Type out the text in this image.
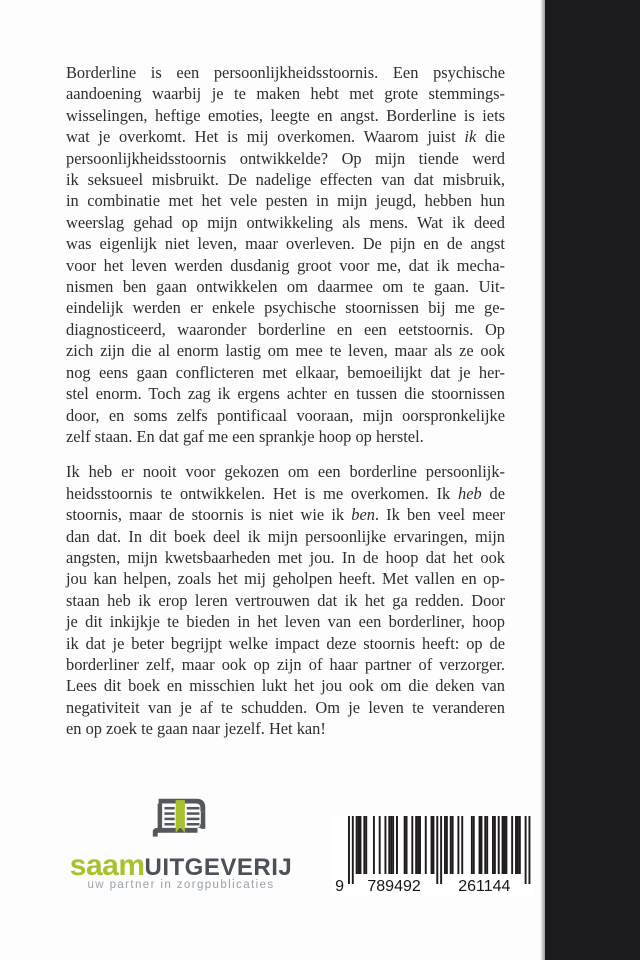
Borderline is een persoonlijkheidsstoornis. Een psychische
aandoening waarbij je te maken hebt met grote stemmings-
wisselingen, heftige emoties, leegte en angst. Borderline is iets
wat je overkomt. Het is mij overkomen. Waarom juist ik die
persoonlijkheidsstoornis ontwikkelde? Op mijn tiende werd
ik seksueel misbruikt. De nadelige effecten van dat misbruik,
in combinatie met het vele pesten in mijn jeugd, hebben hun
weerslag gehad op mijn ontwikkeling als mens. Wat ik deed
was eigenlijk niet leven, maar overleven. De pijn en de angst
voor het leven werden dusdanig groot voor me, dat ik mecha-
nismen ben gaan ontwikkelen om daarmee om te gaan. Uit-
eindelijk werden er enkele psychische stoornissen bij me ge-
diagnosticeerd, waaronder borderline en een eetstoornis. Op
zich zijn die al enorm lastig om mee te leven, maar als ze ook
nog eens gaan conflicteren met elkaar, bemoeilijkt dat je her-
stel enorm. Toch zag ik ergens achter en tussen die stoornissen
door, en soms zelfs pontificaal vooraan, mijn oorspronkelijke
zelf staan. En dat gaf me een sprankje hoop op herstel.
Ik heb er nooit voor gekozen om een borderline persoonlijk-
heidsstoornis te ontwikkelen. Het is me overkomen. Ik heb de
stoornis, maar de stoornis is niet wie ik ben. Ik ben veel meer
dan dat. In dit boek deel ik mijn persoonlijke ervaringen, mijn
angsten, mijn kwetsbaarheden met jou. In de hoop dat het ook
jou kan helpen, zoals het mij geholpen heeft. Met vallen en op-
staan heb ik erop leren vertrouwen dat ik het ga redden. Door
je dit inkijkje te bieden in het leven van een borderliner, hoop
ik dat je beter begrijpt welke impact deze stoornis heeft: op de
borderliner zelf, maar ook op zijn of haar partner of verzorger.
Lees dit boek en misschien lukt het jou ook om die deken van
negativiteit van je af te schudden. Om je leven te veranderen
en op zoek te gaan naar jezelf. Het kan!
saamUITGEVERIJ
uw partner in zorgpublicaties	9 789492 261144
